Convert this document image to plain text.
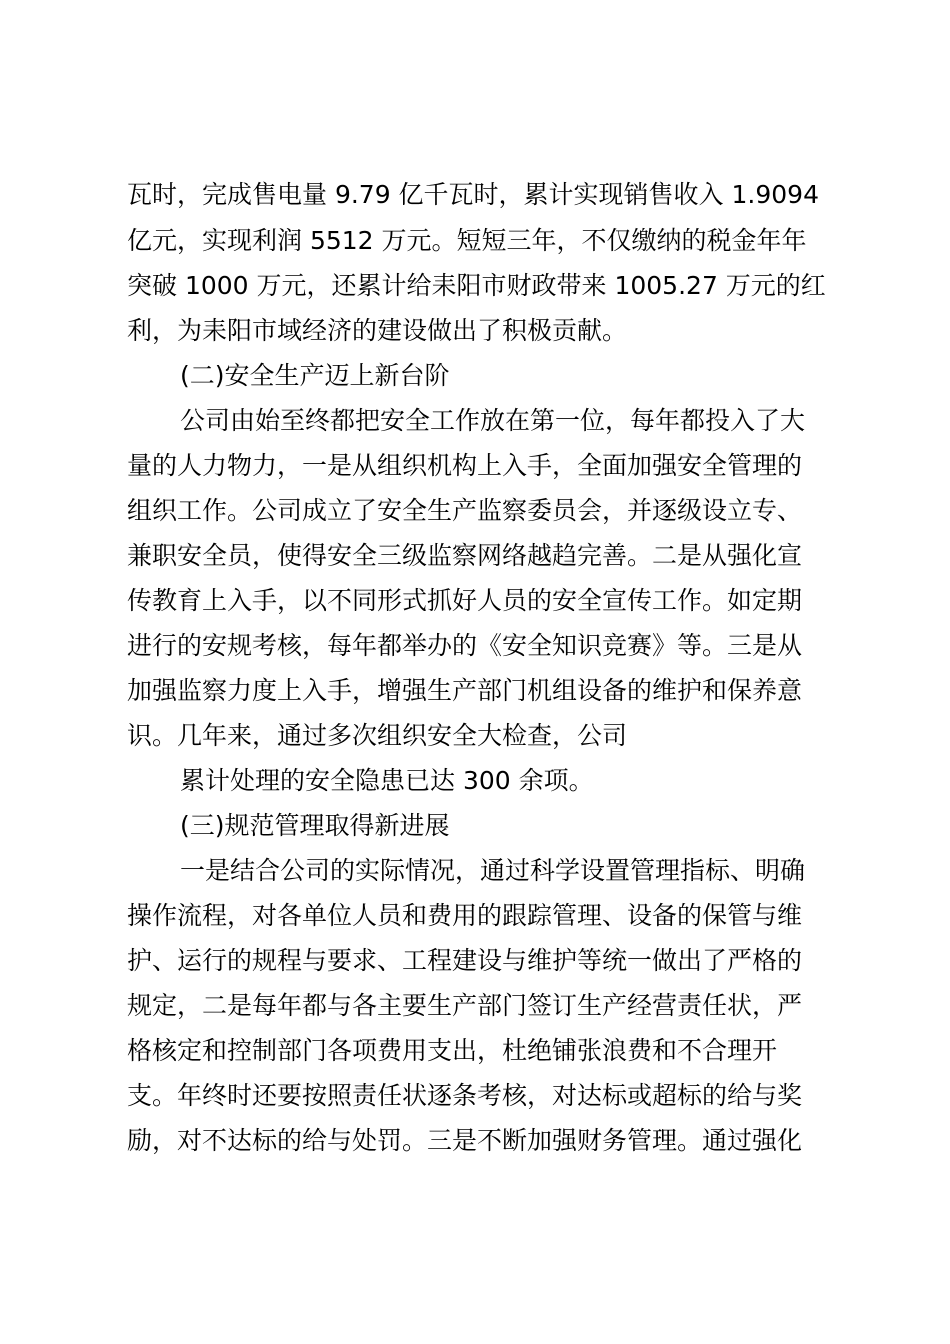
瓦时，完成售电量 9.79 亿千瓦时，累计实现销售收入 1.9094
亿元，实现利润 5512 万元。短短三年，不仅缴纳的税金年年
突破 1000 万元，还累计给耒阳市财政带来 1005.27 万元的红
利，为耒阳市域经济的建设做出了积极贡献。
(二)安全生产迈上新台阶
公司由始至终都把安全工作放在第一位，每年都投入了大
量的人力物力，一是从组织机构上入手，全面加强安全管理的
组织工作。公司成立了安全生产监察委员会，并逐级设立专、
兼职安全员，使得安全三级监察网络越趋完善。二是从强化宣
传教育上入手，以不同形式抓好人员的安全宣传工作。如定期
进行的安规考核，每年都举办的《安全知识竞赛》等。三是从
加强监察力度上入手，增强生产部门机组设备的维护和保养意
识。几年来，通过多次组织安全大检查，公司
累计处理的安全隐患已达 300 余项。
(三)规范管理取得新进展
一是结合公司的实际情况，通过科学设置管理指标、明确
操作流程，对各单位人员和费用的跟踪管理、设备的保管与维
护、运行的规程与要求、工程建设与维护等统一做出了严格的
规定，二是每年都与各主要生产部门签订生产经营责任状，严
格核定和控制部门各项费用支出，杜绝铺张浪费和不合理开
支。年终时还要按照责任状逐条考核，对达标或超标的给与奖
励，对不达标的给与处罚。三是不断加强财务管理。通过强化
